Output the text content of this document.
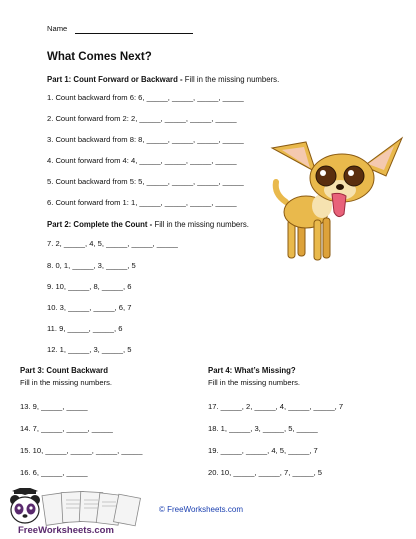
Name
What Comes Next?
Part 1: Count Forward or Backward - Fill in the missing numbers.
1. Count backward from 6: 6, _____, _____, _____, _____
2. Count forward from 2: 2, _____, _____, _____, _____
3. Count backward from 8: 8, _____, _____, _____, _____
4. Count forward from 4: 4, _____, _____, _____, _____
5. Count backward from 5: 5, _____, _____, _____, _____
6. Count forward from 1: 1, _____, _____, _____, _____
Part 2: Complete the Count - Fill in the missing numbers.
7. 2, _____, 4, 5, _____, _____, _____
8. 0, 1, _____, 3, _____, 5
9. 10, _____, 8, _____, 6
10. 3, _____, _____, 6, 7
11. 9, _____, _____, 6
12. 1, _____, 3, _____, 5
Part 3: Count Backward
Fill in the missing numbers.
13. 9, _____, _____
14. 7, _____, _____, _____
15. 10, _____, _____, _____, _____
16. 6, _____, _____
Part 4: What’s Missing?
Fill in the missing numbers.
17. _____, 2, _____, 4, _____, _____, 7
18. 1, _____, 3, _____, 5, _____
19. _____, _____, 4, 5, _____, 7
20. 10, _____, _____, 7, _____, 5
FreeWorksheets.com
© FreeWorksheets.com
